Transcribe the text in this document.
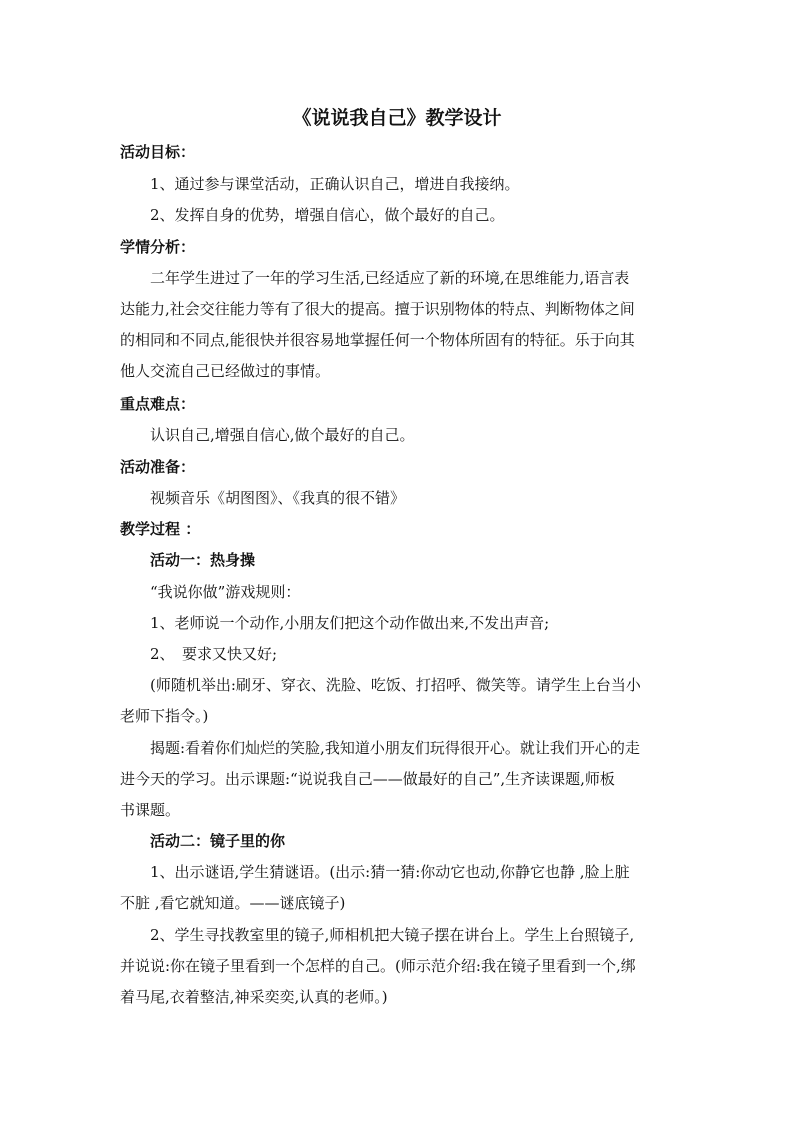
《说说我自己》教学设计
活动目标：
1、通过参与课堂活动，正确认识自己，增进自我接纳。
2、发挥自身的优势，增强自信心，做个最好的自己。
学情分析：
二年学生进过了一年的学习生活,已经适应了新的环境,在思维能力,语言表
达能力,社会交往能力等有了很大的提高。擅于识别物体的特点、判断物体之间
的相同和不同点,能很快并很容易地掌握任何一个物体所固有的特征。乐于向其
他人交流自己已经做过的事情。
重点难点：
认识自己,增强自信心,做个最好的自己。
活动准备：
视频音乐《胡图图》、《我真的很不错》
教学过程 ：
活动一：热身操
“我说你做”游戏规则：
1、老师说一个动作,小朋友们把这个动作做出来,不发出声音;
2、　要求又快又好;
(师随机举出:刷牙、穿衣、洗脸、吃饭、打招呼、微笑等。请学生上台当小
老师下指令。)
揭题:看着你们灿烂的笑脸,我知道小朋友们玩得很开心。就让我们开心的走
进今天的学习。出示课题:“说说我自己——做最好的自己”,生齐读课题,师板
书课题。
活动二：镜子里的你
1、出示谜语,学生猜谜语。(出示:猜一猜:你动它也动,你静它也静 ,脸上脏
不脏 ,看它就知道。——谜底镜子)
2、学生寻找教室里的镜子,师相机把大镜子摆在讲台上。学生上台照镜子,
并说说:你在镜子里看到一个怎样的自己。(师示范介绍:我在镜子里看到一个,绑
着马尾,衣着整洁,神采奕奕,认真的老师。)
